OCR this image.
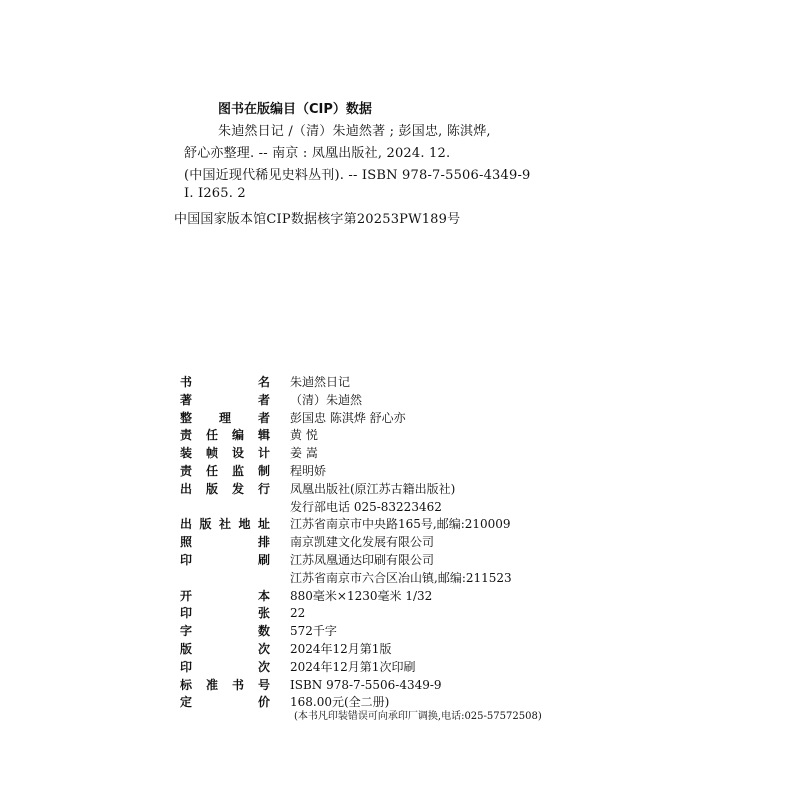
图书在版编目（CIP）数据
朱逌然日记 /（清）朱逌然著 ; 彭国忠, 陈淇烨,
舒心亦整理. -- 南京 : 凤凰出版社, 2024. 12.
(中国近现代稀见史料丛刊). -- ISBN 978-7-5506-4349-9
Ⅰ. I265. 2
中国国家版本馆CIP数据核字第20253PW189号
书	名 朱逌然日记
著	者 （清）朱逌然
整 理 者 彭国忠 陈淇烨 舒心亦
责 任 编 辑 黄 悦
装 帧 设 计 姜 嵩
责 任 监 制 程明娇
出 版 发 行 凤凰出版社(原江苏古籍出版社)
发行部电话 025-83223462
出 版 社 地 址 江苏省南京市中央路165号,邮编:210009
照	排 南京凯建文化发展有限公司
印	刷 江苏凤凰通达印刷有限公司
江苏省南京市六合区冶山镇,邮编:211523
开	本 880毫米×1230毫米 1/32
印	张 22
字	数 572千字
版	次 2024年12月第1版
印	次 2024年12月第1次印刷
标 准 书 号 ISBN 978-7-5506-4349-9
定	价 168.00元(全二册)
(本书凡印装错误可向承印厂调换,电话:025-57572508)
